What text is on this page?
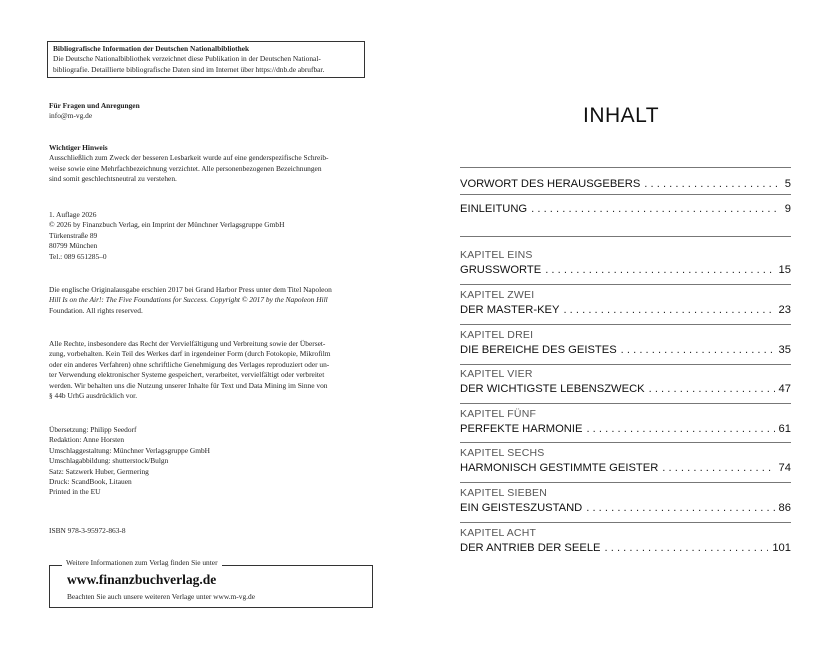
Bibliografische Information der Deutschen Nationalbibliothek
Die Deutsche Nationalbibliothek verzeichnet diese Publikation in der Deutschen National-
bibliografie. Detaillierte bibliografische Daten sind im Internet über https://dnb.de abrufbar.
Für Fragen und Anregungen
info@m-vg.de
Wichtiger Hinweis
Ausschließlich zum Zweck der besseren Lesbarkeit wurde auf eine genderspezifische Schreib-
weise sowie eine Mehrfachbezeichnung verzichtet. Alle personenbezogenen Bezeichnungen
sind somit geschlechtsneutral zu verstehen.
1. Auflage 2026
© 2026 by Finanzbuch Verlag, ein Imprint der Münchner Verlagsgruppe GmbH
Türkenstraße 89
80799 München
Tel.: 089 651285–0
Die englische Originalausgabe erschien 2017 bei Grand Harbor Press unter dem Titel Napoleon
Hill Is on the Air!: The Five Foundations for Success. Copyright © 2017 by the Napoleon Hill
Foundation. All rights reserved.
Alle Rechte, insbesondere das Recht der Vervielfältigung und Verbreitung sowie der Überset-
zung, vorbehalten. Kein Teil des Werkes darf in irgendeiner Form (durch Fotokopie, Mikrofilm
oder ein anderes Verfahren) ohne schriftliche Genehmigung des Verlages reproduziert oder un-
ter Verwendung elektronischer Systeme gespeichert, verarbeitet, vervielfältigt oder verbreitet
werden. Wir behalten uns die Nutzung unserer Inhalte für Text und Data Mining im Sinne von
§ 44b UrhG ausdrücklich vor.
Übersetzung: Philipp Seedorf
Redaktion: Anne Horsten
Umschlaggestaltung: Münchner Verlagsgruppe GmbH
Umschlagabbildung: shutterstock/Bulgn
Satz: Satzwerk Huber, Germering
Druck: ScandBook, Litauen
Printed in the EU
ISBN 978-3-95972-863-8
Weitere Informationen zum Verlag finden Sie unter
www.finanzbuchverlag.de
Beachten Sie auch unsere weiteren Verlage unter www.m-vg.de
INHALT
VORWORT DES HERAUSGEBERS . . .	5
EINLEITUNG . . .	9
KAPITEL EINS
GRUSSWORTE . . .	15
KAPITEL ZWEI
DER MASTER-KEY . . .	23
KAPITEL DREI
DIE BEREICHE DES GEISTES . . .	35
KAPITEL VIER
DER WICHTIGSTE LEBENSZWECK . . .	47
KAPITEL FÜNF
PERFEKTE HARMONIE . . .	61
KAPITEL SECHS
HARMONISCH GESTIMMTE GEISTER . . .	74
KAPITEL SIEBEN
EIN GEISTESZUSTAND . . .	86
KAPITEL ACHT
DER ANTRIEB DER SEELE . . .	101
